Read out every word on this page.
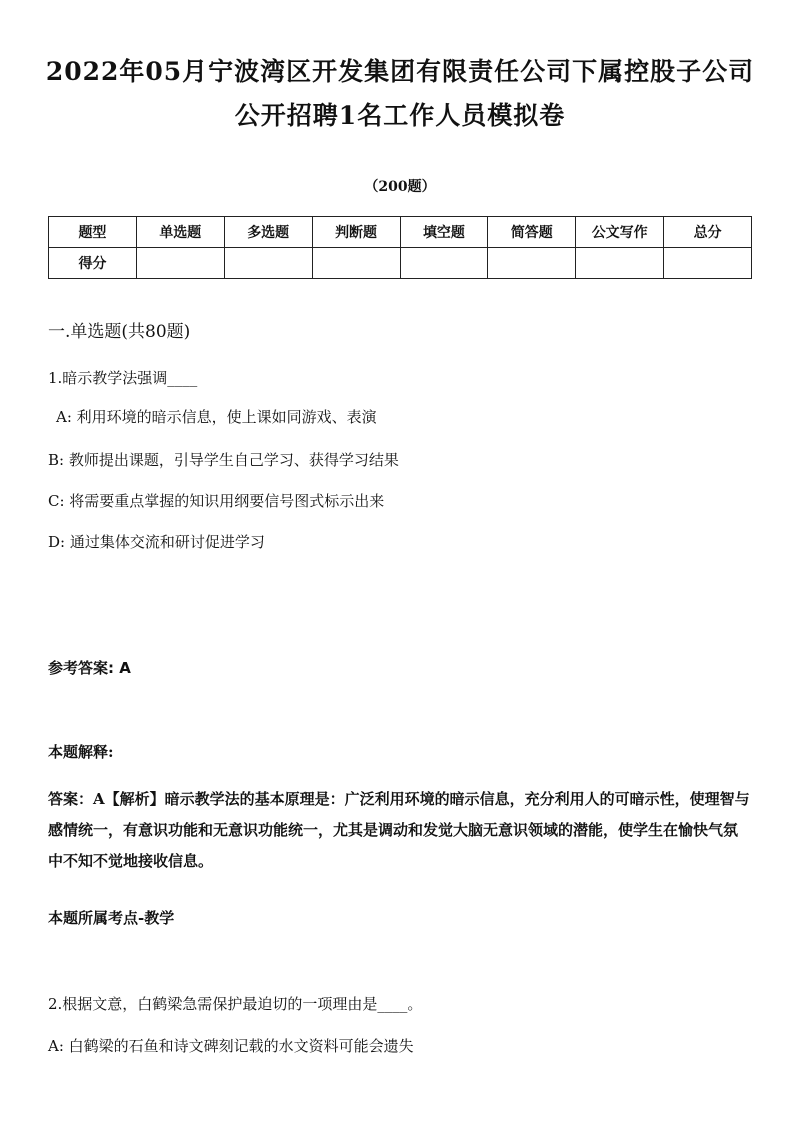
2022年05月宁波湾区开发集团有限责任公司下属控股子公司公开招聘1名工作人员模拟卷
（200题）
题型	单选题	多选题	判断题	填空题	简答题	公文写作	总分
得分							
一.单选题(共80题)
1.暗示教学法强调____
A: 利用环境的暗示信息，使上课如同游戏、表演
B: 教师提出课题，引导学生自己学习、获得学习结果
C: 将需要重点掌握的知识用纲要信号图式标示出来
D: 通过集体交流和研讨促进学习
参考答案: A
本题解释:
答案：A【解析】暗示教学法的基本原理是：广泛利用环境的暗示信息，充分利用人的可暗示性，使理智与感情统一，有意识功能和无意识功能统一，尤其是调动和发觉大脑无意识领域的潜能，使学生在愉快气氛中不知不觉地接收信息。
本题所属考点-教学
2.根据文意，白鹤梁急需保护最迫切的一项理由是____。
A: 白鹤梁的石鱼和诗文碑刻记载的水文资料可能会遗失
